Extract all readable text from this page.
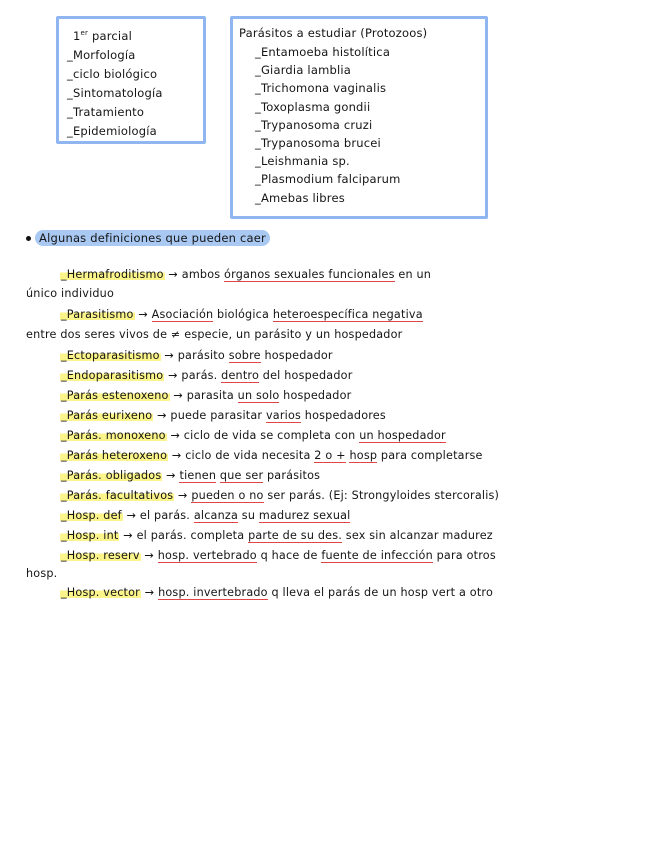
1er parcial
_Morfología
_ciclo biológico
_Sintomatología
_Tratamiento
_Epidemiología
Parásitos a estudiar (Protozoos)
_Entamoeba histolítica
_Giardia lamblia
_Trichomona vaginalis
_Toxoplasma gondii
_Trypanosoma cruzi
_Trypanosoma brucei
_Leishmania sp.
_Plasmodium falciparum
_Amebas libres
Algunas definiciones que pueden caer
_Hermafroditismo → ambos órganos sexuales funcionales en un
único individuo
_Parasitismo → Asociación biológica heteroespecífica negativa
entre dos seres vivos de ≠ especie, un parásito y un hospedador
_Ectoparasitismo → parásito sobre hospedador
_Endoparasitismo → parás. dentro del hospedador
_Parás estenoxeno → parasita un solo hospedador
_Parás eurixeno → puede parasitar varios hospedadores
_Parás. monoxeno → ciclo de vida se completa con un hospedador
_Parás heteroxeno → ciclo de vida necesita 2 o + hosp para completarse
_Parás. obligados → tienen que ser parásitos
_Parás. facultativos → pueden o no ser parás. (Ej: Strongyloides stercoralis)
_Hosp. def → el parás. alcanza su madurez sexual
_Hosp. int → el parás. completa parte de su des. sex sin alcanzar madurez
_Hosp. reserv → hosp. vertebrado q hace de fuente de infección para otros
hosp.
_Hosp. vector → hosp. invertebrado q lleva el parás de un hosp vert a otro
